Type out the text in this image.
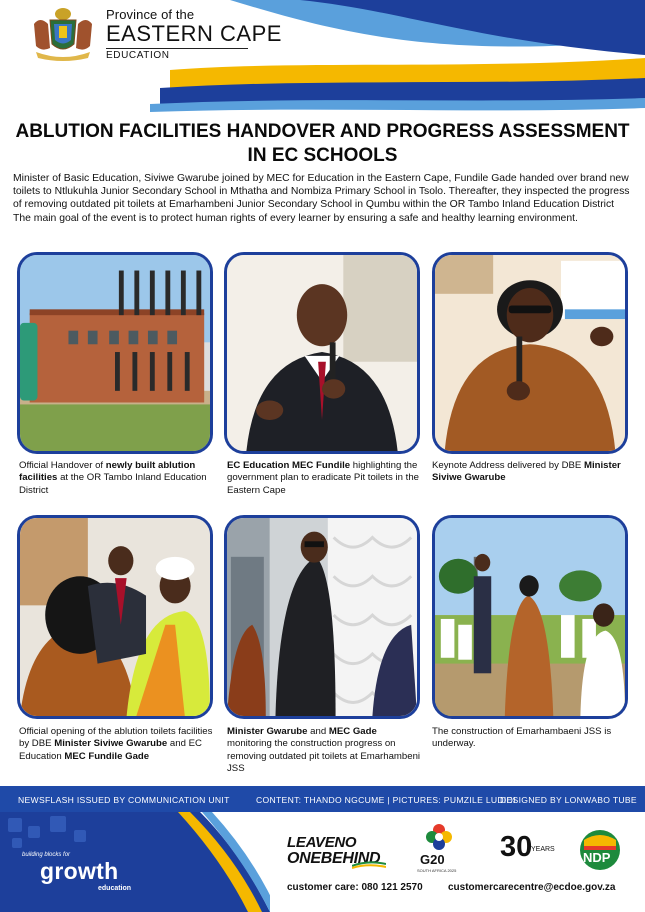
Province of the
EASTERN CAPE
EDUCATION
ABLUTION FACILITIES HANDOVER AND PROGRESS ASSESSMENT IN EC SCHOOLS

Minister of Basic Education, Siviwe Gwarube joined by MEC for Education in the Eastern Cape, Fundile Gade handed over brand new toilets to Ntlukuhla Junior Secondary School in Mthatha and Nombiza Primary School in Tsolo. Thereafter, they inspected the progress of removing outdated pit toilets at Emarhambeni Junior Secondary School in Qumbu within the OR Tambo Inland Education District

The main goal of the event is to protect human rights of every learner by ensuring a safe and healthy learning environment.

Official Handover of newly built ablution facilities at the OR Tambo Inland Education District
EC Education MEC Fundile highlighting the government plan to eradicate Pit toilets in the Eastern Cape
Keynote Address delivered by DBE Minister Siviwe Gwarube
Official opening of the ablution toilets facilities by DBE Minister Siviwe Gwarube and EC Education MEC Fundile Gade
Minister Gwarube and MEC Gade monitoring the construction progress on removing outdated pit toilets at Emarhambeni JSS
The construction of Emarhambaeni JSS is underway.
NEWSFLASH ISSUED BY COMMUNICATION UNIT	CONTENT: THANDO NGCUME | PICTURES: PUMZILE LUDIDI
DESIGNED BY LONWABO TUBE
building blocks for
growth
education
LEAVENO
ONEBEHIND	G20
SOUTH AFRICA 2025
30
YEARS
NDP
customer care: 080 121 2570	customercarecentre@ecdoe.gov.za
